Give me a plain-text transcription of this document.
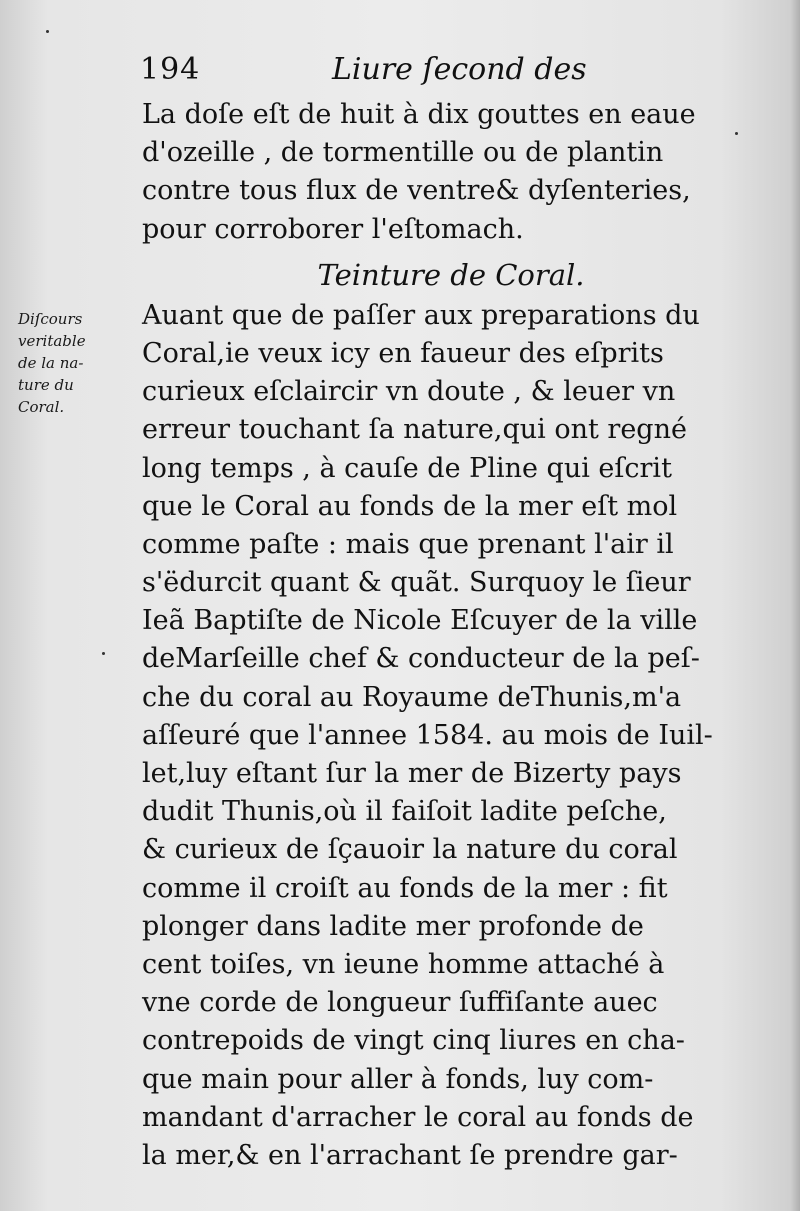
194	Liure ſecond des
Diſcours
veritable
de la na-
ture du
Coral.
La doſe eſt de huit à dix gouttes en eaue
d'ozeille , de tormentille ou de plantin
contre tous flux de ventre& dyſenteries,
pour corroborer l'eſtomach.
Teinture de Coral.
Auant que de paſſer aux preparations du
Coral,ie veux icy en faueur des eſprits
curieux eſclaircir vn doute , & leuer vn
erreur touchant ſa nature,qui ont regné
long temps , à cauſe de Pline qui eſcrit
que le Coral au fonds de la mer eſt mol
comme paſte : mais que prenant l'air il
s'ëdurcit quant & quãt. Surquoy le ſieur
Ieã Baptiſte de Nicole Eſcuyer de la ville
deMarſeille chef & conducteur de la peſ-
che du coral au Royaume deThunis,m'a
aſſeuré que l'annee 1584. au mois de Iuil-
let,luy eſtant ſur la mer de Bizerty pays
dudit Thunis,où il faiſoit ladite peſche,
& curieux de ſçauoir la nature du coral
comme il croiſt au fonds de la mer : fit
plonger dans ladite mer profonde de
cent toiſes, vn ieune homme attaché à
vne corde de longueur ſuffiſante auec
contrepoids de vingt cinq liures en cha-
que main pour aller à fonds, luy com-
mandant d'arracher le coral au fonds de
la mer,& en l'arrachant ſe prendre gar-
